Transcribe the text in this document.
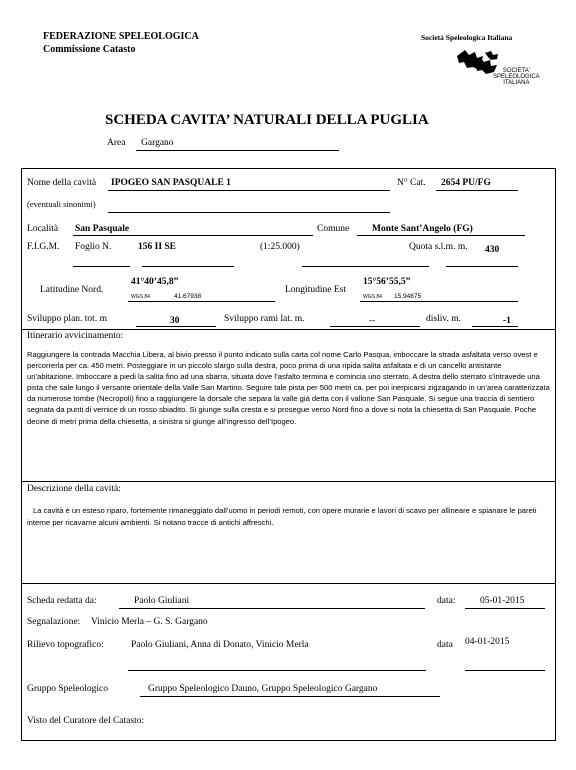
FEDERAZIONE SPELEOLOGICA
Commissione Catasto
Società Speleologica Italiana
SOCIETA'
SPELEOLOGICA
ITALIANA
SCHEDA CAVITA’ NATURALI DELLA PUGLIA
Area Gargano
Nome della cavità IPOGEO SAN PASQUALE 1	N° Cat. 2654 PU/FG
(eventuali sinonimi)
Località San Pasquale	Comune Monte Sant’Angelo (FG)
F.I.G.M. Foglio N.	156 II SE	(1:25.000)	Quota s.l.m. m. 430
Latitudine Nord.
41°40’45,8”
WGS 84	41.67938
Longitudine Est
15°56’55,5”
WGS 84 15.94875
Sviluppo plan. tot. m	30	Sviluppo rami lat. m.	--	disliv. m.	-1
Itinerario avvicinamento:
Raggiungere la contrada Macchia Libera, al bivio presso il punto indicato sulla carta col nome Carlo Pasqua, imboccare la strada asfaltata verso ovest e percorrerla per ca. 450 metri. Posteggiare in un piccolo slargo sulla destra, poco prima di una ripida salita asfaltata e di un cancello antistante un’abitazione. Imboccare a piedi la salita fino ad una sbarra, situata dove l’asfalto termina e comincia uno sterrato. A destra dello sterrato s’intravede una pista che sale lungo il versante orientale della Valle San Martino. Seguire tale pista per 500 metri ca. per poi inerpicarsi zigzagando in un’area caratterizzata da numerose tombe (Necropoli) fino a raggiungere la dorsale che separa la valle già detta con il vallone San Pasquale. Si segue una traccia di sentiero segnata da punti di vernice di un rosso sbiadito. Si giunge sulla cresta e si prosegue verso Nord fino a dove si nota la chiesetta di San Pasquale. Poche decine di metri prima della chiesetta, a sinistra si giunge all’ingresso dell’Ipogeo.
Descrizione della cavità:
La cavità è un esteso riparo, fortemente rimaneggiato dall’uomo in periodi remoti, con opere murarie e lavori di scavo per allineare e spianare le pareti interne per ricavarne alcuni ambienti. Si notano tracce di antichi affreschi.
Scheda redatta da:	Paolo Giuliani	data:	05-01-2015
Segnalazione: Vinicio Merla – G. S. Gargano
Rilievo topografico:	Paolo Giuliani, Anna di Donato, Vinicio Merla	data 04-01-2015
Gruppo Speleologico	Gruppo Speleologico Dauno, Gruppo Speleologico Gargano
Visto del Curatore del Catasto:
